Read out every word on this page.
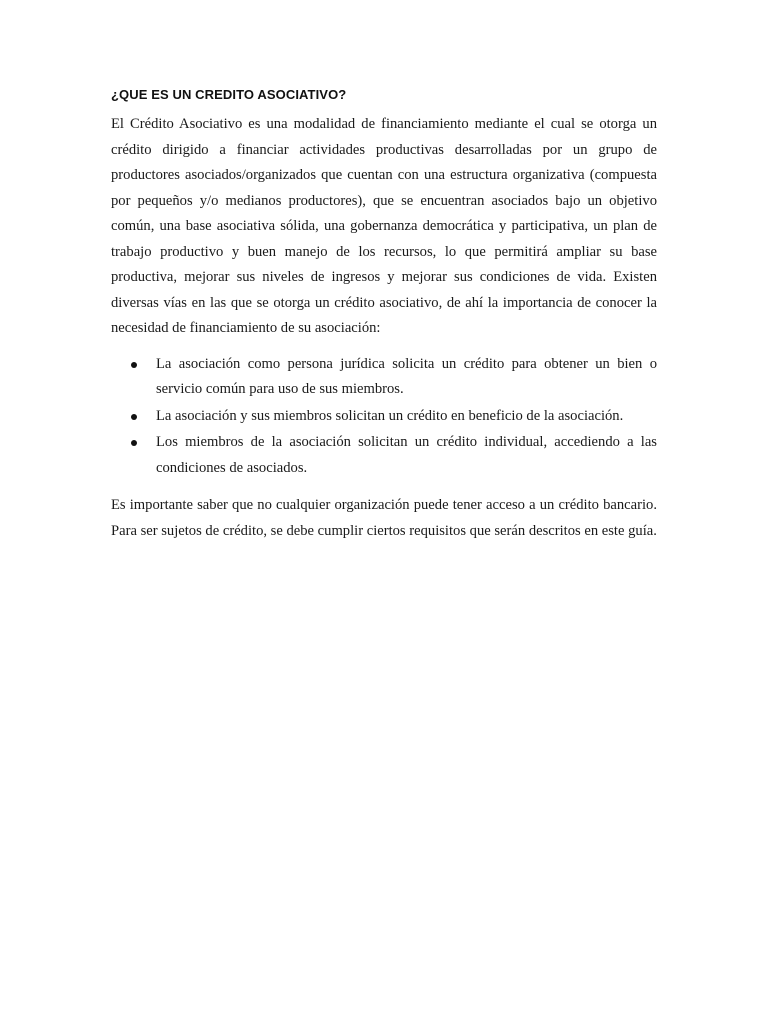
¿QUE ES UN CREDITO ASOCIATIVO?

El Crédito Asociativo es una modalidad de financiamiento mediante el cual se otorga un crédito dirigido a financiar actividades productivas desarrolladas por un grupo de productores asociados/organizados que cuentan con una estructura organizativa (compuesta por pequeños y/o medianos productores), que se encuentran asociados bajo un objetivo común, una base asociativa sólida, una gobernanza democrática y participativa, un plan de trabajo productivo y buen manejo de los recursos, lo que permitirá ampliar su base productiva, mejorar sus niveles de ingresos y mejorar sus condiciones de vida. Existen diversas vías en las que se otorga un crédito asociativo, de ahí la importancia de conocer la necesidad de financiamiento de su asociación:

La asociación como persona jurídica solicita un crédito para obtener un bien o servicio común para uso de sus miembros.
La asociación y sus miembros solicitan un crédito en beneficio de la asociación.
Los miembros de la asociación solicitan un crédito individual, accediendo a las condiciones de asociados.

Es importante saber que no cualquier organización puede tener acceso a un crédito bancario. Para ser sujetos de crédito, se debe cumplir ciertos requisitos que serán descritos en este guía.
